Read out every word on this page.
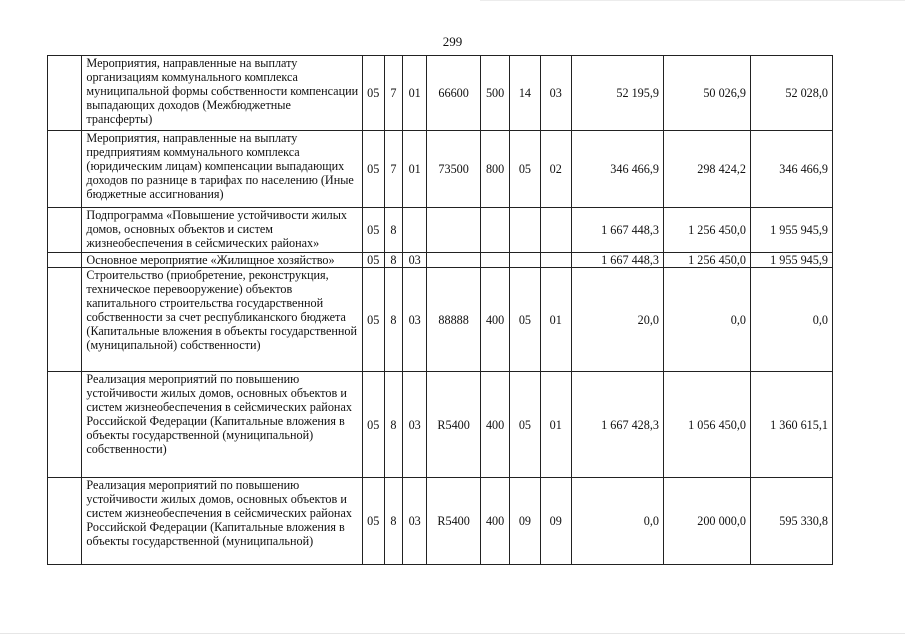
299
	Мероприятия, направленные на выплату организациям коммунального комплекса муниципальной формы собственности компенсации выпадающих доходов (Межбюджетные трансферты)	05	7	01	66600	500	14	03	52 195,9	50 026,9	52 028,0
	Мероприятия, направленные на выплату предприятиям коммунального комплекса (юридическим лицам) компенсации выпадающих доходов по разнице в тарифах по населению (Иные бюджетные ассигнования)	05	7	01	73500	800	05	02	346 466,9	298 424,2	346 466,9
	Подпрограмма «Повышение устойчивости жилых домов, основных объектов и систем жизнеобеспечения в сейсмических районах»	05	8						1 667 448,3	1 256 450,0	1 955 945,9
	Основное мероприятие «Жилищное хозяйство»	05	8	03					1 667 448,3	1 256 450,0	1 955 945,9
	Строительство (приобретение, реконструкция, техническое перевооружение) объектов капитального строительства государственной собственности за счет республиканского бюджета (Капитальные вложения в объекты государственной (муниципальной) собственности)	05	8	03	88888	400	05	01	20,0	0,0	0,0
	Реализация мероприятий по повышению устойчивости жилых домов, основных объектов и систем жизнеобеспечения в сейсмических районах Российской Федерации (Капитальные вложения в объекты государственной (муниципальной) собственности)	05	8	03	R5400	400	05	01	1 667 428,3	1 056 450,0	1 360 615,1
	Реализация мероприятий по повышению устойчивости жилых домов, основных объектов и систем жизнеобеспечения в сейсмических районах Российской Федерации (Капитальные вложения в объекты государственной (муниципальной)	05	8	03	R5400	400	09	09	0,0	200 000,0	595 330,8
